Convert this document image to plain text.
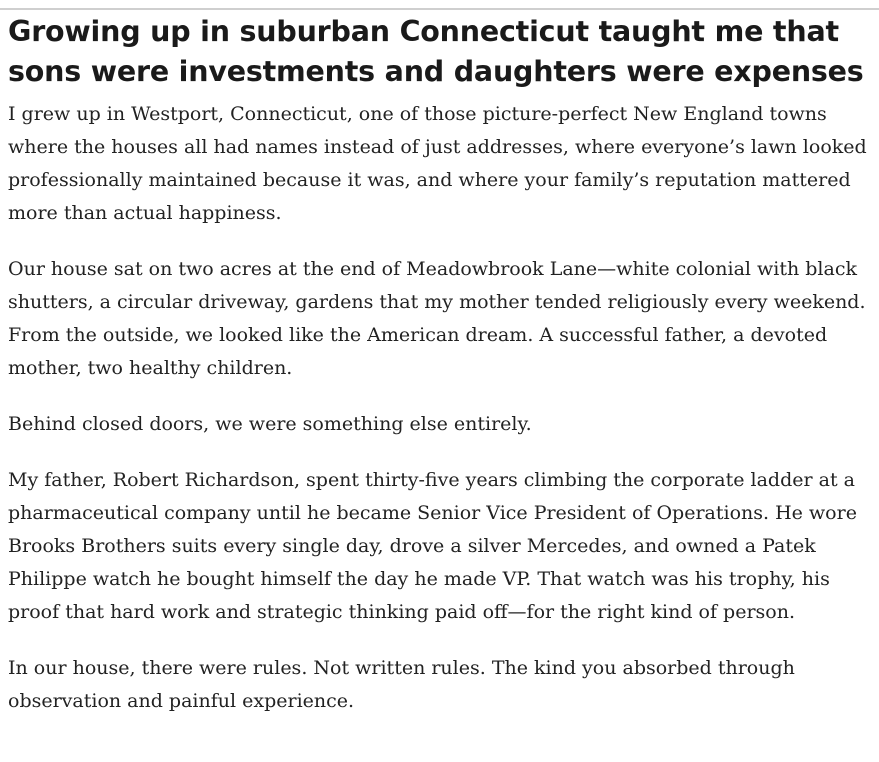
Growing up in suburban Connecticut taught me that sons were investments and daughters were expenses

I grew up in Westport, Connecticut, one of those picture-perfect New England towns where the houses all had names instead of just addresses, where everyone’s lawn looked professionally maintained because it was, and where your family’s reputation mattered more than actual happiness.

Our house sat on two acres at the end of Meadowbrook Lane—white colonial with black shutters, a circular driveway, gardens that my mother tended religiously every weekend. From the outside, we looked like the American dream. A successful father, a devoted mother, two healthy children.

Behind closed doors, we were something else entirely.

My father, Robert Richardson, spent thirty-five years climbing the corporate ladder at a pharmaceutical company until he became Senior Vice President of Operations. He wore Brooks Brothers suits every single day, drove a silver Mercedes, and owned a Patek Philippe watch he bought himself the day he made VP. That watch was his trophy, his proof that hard work and strategic thinking paid off—for the right kind of person.

In our house, there were rules. Not written rules. The kind you absorbed through observation and painful experience.
